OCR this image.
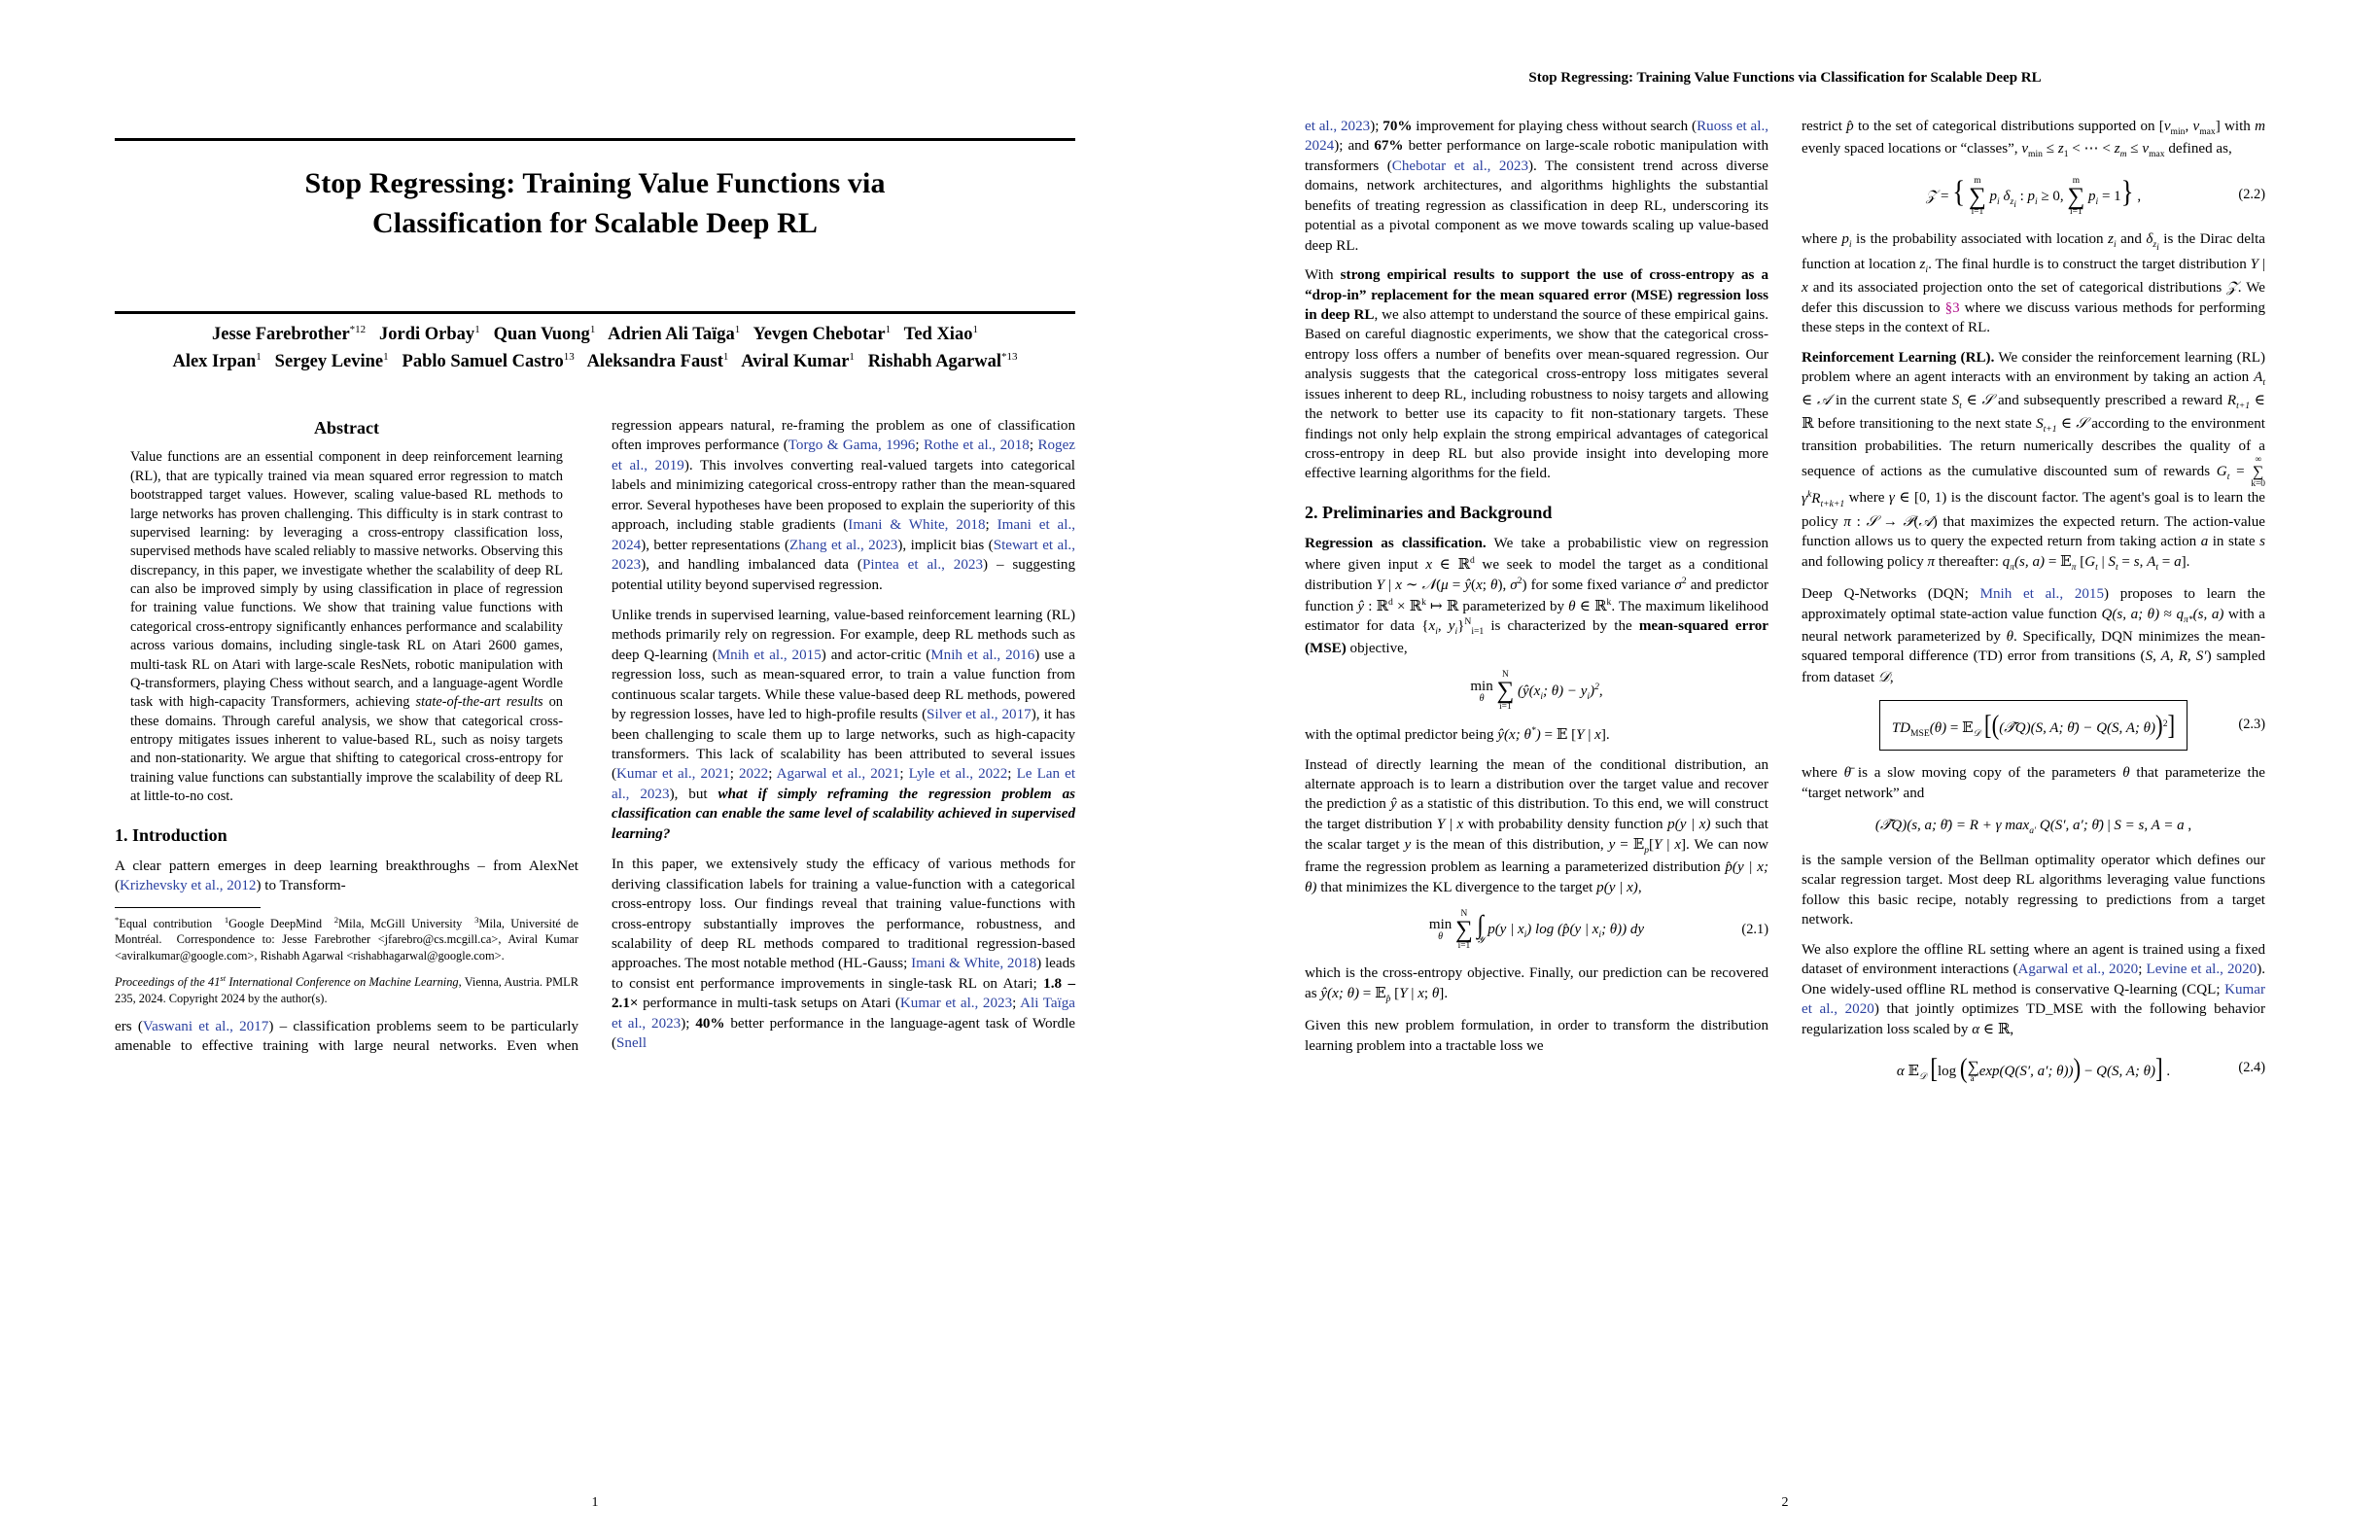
Stop Regressing: Training Value Functions via
Classification for Scalable Deep RL
Jesse Farebrother$^{*12}$ Jordi Orbay$^1$ Quan Vuong$^1$ Adrien Ali Taïga$^1$ Yevgen Chebotar$^1$ Ted Xiao$^1$
Alex Irpan$^1$ Sergey Levine$^1$ Pablo Samuel Castro$^{13}$ Aleksandra Faust$^1$ Aviral Kumar$^1$ Rishabh Agarwal$^{*13}$
Abstract

Value functions are an essential component in deep reinforcement learning (RL), that are typically trained via mean squared error regression to match bootstrapped target values. However, scaling value-based RL methods to large networks has proven challenging. This difficulty is in stark contrast to supervised learning: by leveraging a cross-entropy classification loss, supervised methods have scaled reliably to massive networks. Observing this discrepancy, in this paper, we investigate whether the scalability of deep RL can also be improved simply by using classification in place of regression for training value functions. We show that training value functions with categorical cross-entropy significantly enhances performance and scalability across various domains, including single-task RL on Atari 2600 games, multi-task RL on Atari with large-scale ResNets, robotic manipulation with Q-transformers, playing Chess without search, and a language-agent Wordle task with high-capacity Transformers, achieving state-of-the-art results on these domains. Through careful analysis, we show that categorical cross-entropy mitigates issues inherent to value-based RL, such as noisy targets and non-stationarity. We argue that shifting to categorical cross-entropy for training value functions can substantially improve the scalability of deep RL at little-to-no cost.

1. Introduction

A clear pattern emerges in deep learning breakthroughs – from AlexNet (Krizhevsky et al., 2012) to Transform-

*Equal contribution $^1$Google DeepMind $^2$Mila, McGill University $^3$Mila, Université de Montréal. Correspondence to: Jesse Farebrother <jfarebro@cs.mcgill.ca>, Aviral Kumar <aviralkumar@google.com>, Rishabh Agarwal <rishabhagarwal@google.com>.

Proceedings of the 41st International Conference on Machine Learning, Vienna, Austria. PMLR 235, 2024. Copyright 2024 by the author(s).

ers (Vaswani et al., 2017) – classification problems seem to be particularly amenable to effective training with large neural networks. Even when regression appears natural, re-framing the problem as one of classification often improves performance (Torgo & Gama, 1996; Rothe et al., 2018; Rogez et al., 2019). This involves converting real-valued targets into categorical labels and minimizing categorical cross-entropy rather than the mean-squared error. Several hypotheses have been proposed to explain the superiority of this approach, including stable gradients (Imani & White, 2018; Imani et al., 2024), better representations (Zhang et al., 2023), implicit bias (Stewart et al., 2023), and handling imbalanced data (Pintea et al., 2023) – suggesting potential utility beyond supervised regression.

Unlike trends in supervised learning, value-based reinforcement learning (RL) methods primarily rely on regression. For example, deep RL methods such as deep Q-learning (Mnih et al., 2015) and actor-critic (Mnih et al., 2016) use a regression loss, such as mean-squared error, to train a value function from continuous scalar targets. While these value-based deep RL methods, powered by regression losses, have led to high-profile results (Silver et al., 2017), it has been challenging to scale them up to large networks, such as high-capacity transformers. This lack of scalability has been attributed to several issues (Kumar et al., 2021; 2022; Agarwal et al., 2021; Lyle et al., 2022; Le Lan et al., 2023), but what if simply reframing the regression problem as classification can enable the same level of scalability achieved in supervised learning?

In this paper, we extensively study the efficacy of various methods for deriving classification labels for training a value-function with a categorical cross-entropy loss. Our findings reveal that training value-functions with cross-entropy substantially improves the performance, robustness, and scalability of deep RL methods compared to traditional regression-based approaches. The most notable method (HL-Gauss; Imani & White, 2018) leads to consist ent performance improvements in single-task RL on Atari; 1.8 – 2.1× performance in multi-task setups on Atari (Kumar et al., 2023; Ali Taïga et al., 2023); 40% better performance in the language-agent task of Wordle (Snell

1
Stop Regressing: Training Value Functions via Classification for Scalable Deep RL

et al., 2023); 70% improvement for playing chess without search (Ruoss et al., 2024); and 67% better performance on large-scale robotic manipulation with transformers (Chebotar et al., 2023). The consistent trend across diverse domains, network architectures, and algorithms highlights the substantial benefits of treating regression as classification in deep RL, underscoring its potential as a pivotal component as we move towards scaling up value-based deep RL.

With strong empirical results to support the use of cross-entropy as a “drop-in” replacement for the mean squared error (MSE) regression loss in deep RL, we also attempt to understand the source of these empirical gains. Based on careful diagnostic experiments, we show that the categorical cross-entropy loss offers a number of benefits over mean-squared regression. Our analysis suggests that the categorical cross-entropy loss mitigates several issues inherent to deep RL, including robustness to noisy targets and allowing the network to better use its capacity to fit non-stationary targets. These findings not only help explain the strong empirical advantages of categorical cross-entropy in deep RL but also provide insight into developing more effective learning algorithms for the field.

2. Preliminaries and Background

Regression as classification. We take a probabilistic view on regression where given input x ∈ ℝ$^d$ we seek to model the target as a conditional distribution Y | x ∼ 𝒩(μ = ŷ(x; θ), $\sigma^2$) for some fixed variance $\sigma^2$ and predictor function ŷ : ℝ$^d$ × ℝ$^k$ ↦ ℝ parameterized by θ ∈ ℝ$^k$. The maximum likelihood estimator for data {$x_i$, $y_i\}^N_{i=1}$ is characterized by the mean-squared error (MSE) objective,

min
θ

N
∑
i=1
($ŷ(x_i$; $\theta) - y_i)^2$,

with the optimal predictor being ŷ(x; θ*) = 𝔼 [Y | x].

Instead of directly learning the mean of the conditional distribution, an alternate approach is to learn a distribution over the target value and recover the prediction ŷ as a statistic of this distribution. To this end, we will construct the target distribution Y | x with probability density function p(y | x) such that the scalar target y is the mean of this distribution, y = 𝔼$_p$[Y | x]. We can now frame the regression problem as learning a parameterized distribution p̂(y | x; θ) that minimizes the KL divergence to the target p(y | x),

min
θ

N
∑
i=1
∫
𝒴
p(y | $x_i$) log (p̂(y | $x_i$; θ)) dy	(2.1)

which is the cross-entropy objective. Finally, our prediction can be recovered as ŷ(x; θ) = 𝔼$_{p̂}$ [Y | x; θ].

Given this new problem formulation, in order to transform the distribution learning problem into a tractable loss we

restrict p̂ to the set of categorical distributions supported on [$v_{min}$, $v_{max}$] with m evenly spaced locations or “classes”, $v_{min} \le z_1$ < ⋯ < $z_m \le v_{max}$ defined as,

𝒵 = { m
∑
i=1
$p_i$ $\delta_{z_i}$ : $p_i \ge 0$,
m
∑
i=1
$p_i = 1$} ,	(2.2)

where $p_i$ is the probability associated with location $z_i$ and $\delta_{z_i}$ is the Dirac delta function at location $z_i$. The final hurdle is to construct the target distribution Y | x and its associated projection onto the set of categorical distributions 𝒵. We defer this discussion to §3 where we discuss various methods for performing these steps in the context of RL.

Reinforcement Learning (RL). We consider the reinforcement learning (RL) problem where an agent interacts with an environment by taking an action $A_t$ ∈ 𝒜 in the current state $S_t$ ∈ 𝒮 and subsequently prescribed a reward $R_{t+1}$ ∈ ℝ before transitioning to the next state $S_{t+1}$ ∈ 𝒮 according to the environment transition probabilities. The return numerically describes the quality of a sequence of actions as the cumulative discounted sum of rewards $G_t$ =
∞
∑
k=0
$\gamma^kR_{t+k+1}$ where γ ∈ [0, 1) is the discount factor. The agent's goal is to learn the policy π : 𝒮 → 𝒫(𝒜) that maximizes the expected return. The action-value function allows us to query the expected return from taking action a in state s and following policy π thereafter: $q_\pi(s$, a) = 𝔼$_\pi$ [$G_t$ | $S_t = s$, $A_t = a$].

Deep Q-Networks (DQN; Mnih et al., 2015) proposes to learn the approximately optimal state-action value function Q(s, a; $\theta) \approx q_{\pi*}(s$, a) with a neural network parameterized by θ. Specifically, DQN minimizes the mean-squared temporal difference (TD) error from transitions (S, A, R, S′) sampled from dataset 𝒟,

$TD_{MSE}(\theta)$ = 𝔼$_𝒟$ [((𝒯̂Q)(S, A; θ̄) − Q(S, A; θ))$^2$]	(2.3)

where θ̄ is a slow moving copy of the parameters θ that parameterize the “target network” and

(𝒯̂Q)(s, a; θ̄) = R + γ $\max_{a'} Q(S'$, a′; θ̄) | S = s, A = a ,

is the sample version of the Bellman optimality operator which defines our scalar regression target. Most deep RL algorithms leveraging value functions follow this basic recipe, notably regressing to predictions from a target network.

We also explore the offline RL setting where an agent is trained using a fixed dataset of environment interactions (Agarwal et al., 2020; Levine et al., 2020). One widely-used offline RL method is conservative Q-learning (CQL; Kumar et al., 2020) that jointly optimizes TD_MSE with the following behavior regularization loss scaled by α ∈ ℝ,

α 𝔼$_𝒟$ [log ( ∑
a′
exp(Q(S′, a′; θ))) − Q(S, A; θ)] .	(2.4)
2
